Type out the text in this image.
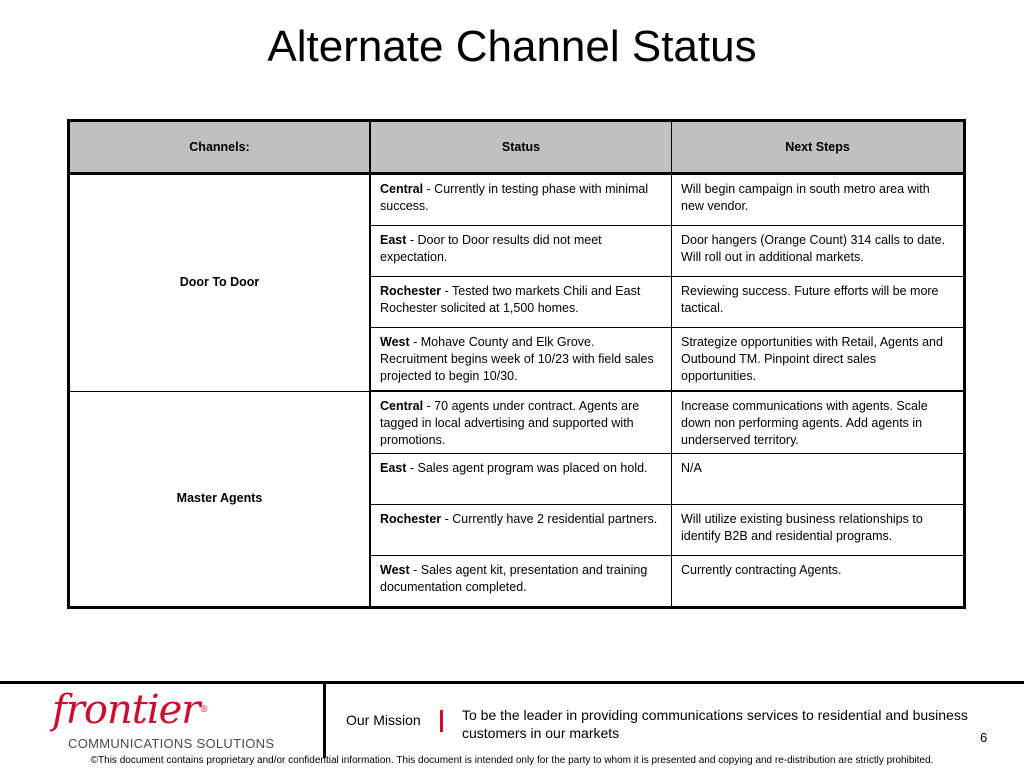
Alternate Channel Status
Channels:	Status	Next Steps
Door To Door	Central - Currently in testing phase with minimal success.	Will begin campaign in south metro area with new vendor.
	East - Door to Door results did not meet expectation.	Door hangers (Orange Count) 314 calls to date. Will roll out in additional markets.
	Rochester - Tested two markets Chili and East Rochester solicited at 1,500 homes.	Reviewing success. Future efforts will be more tactical.
	West - Mohave County and Elk Grove. Recruitment begins week of 10/23 with field sales projected to begin 10/30.	Strategize opportunities with Retail, Agents and Outbound TM. Pinpoint direct sales opportunities.
Master Agents	Central - 70 agents under contract. Agents are tagged in local advertising and supported with promotions.	Increase communications with agents. Scale down non performing agents. Add agents in underserved territory.
	East - Sales agent program was placed on hold.	N/A
	Rochester - Currently have 2 residential partners.	Will utilize existing business relationships to identify B2B and residential programs.
	West - Sales agent kit, presentation and training documentation completed.	Currently contracting Agents.
frontier®
COMMUNICATIONS SOLUTIONS
Our Mission	To be the leader in providing communications services to residential and business customers in our markets	6
©This document contains proprietary and/or confidential information. This document is intended only for the party to whom it is presented and copying and re-distribution are strictly prohibited.
